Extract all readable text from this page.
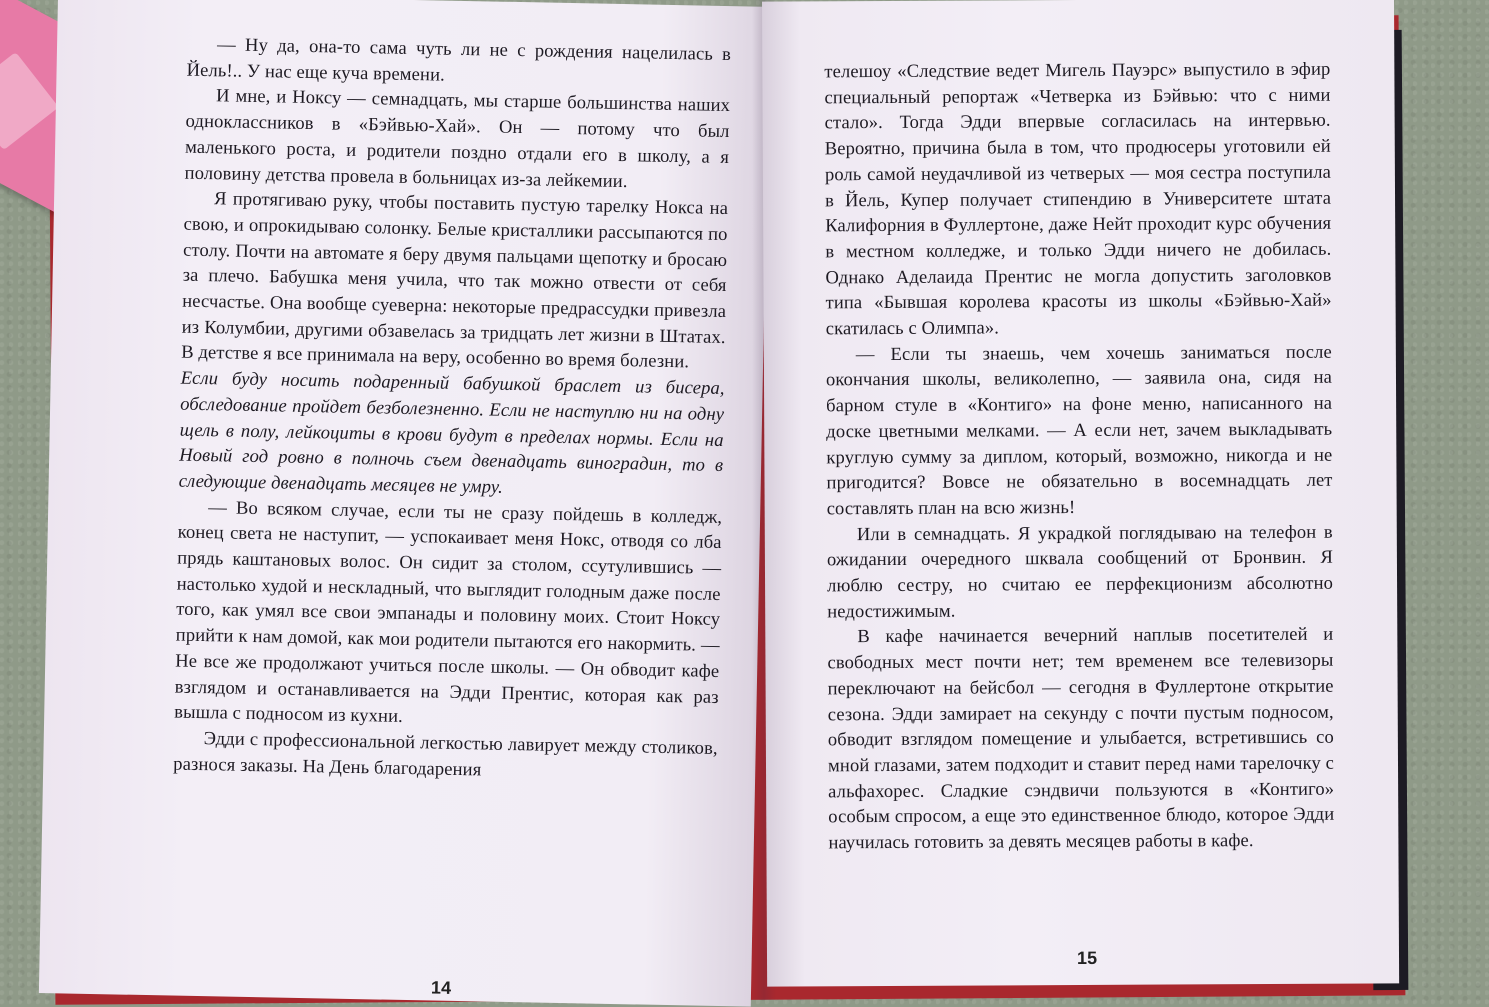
— Ну да, она-то сама чуть ли не с рождения нацелилась в Йель!.. У нас еще куча времени.

И мне, и Ноксу — семнадцать, мы старше большинства наших одноклассников в «Бэйвью-Хай». Он — потому что был маленького роста, и родители поздно отдали его в школу, а я половину детства провела в больницах из-за лейкемии.

Я протягиваю руку, чтобы поставить пустую тарелку Нокса на свою, и опрокидываю солонку. Белые кристаллики рассыпаются по столу. Почти на автомате я беру двумя пальцами щепотку и бросаю за плечо. Бабушка меня учила, что так можно отвести от себя несчастье. Она вообще суеверна: некоторые предрассудки привезла из Колумбии, другими обзавелась за тридцать лет жизни в Штатах. В детстве я все принимала на веру, особенно во время болезни.

Если буду носить подаренный бабушкой браслет из бисера, обследование пройдет безболезненно. Если не наступлю ни на одну щель в полу, лейкоциты в крови будут в пределах нормы. Если на Новый год ровно в полночь съем двенадцать виноградин, то в следующие двенадцать месяцев не умру.

— Во всяком случае, если ты не сразу пойдешь в колледж, конец света не наступит, — успокаивает меня Нокс, отводя со лба прядь каштановых волос. Он сидит за столом, ссутулившись — настолько худой и нескладный, что выглядит голодным даже после того, как умял все свои эмпанады и половину моих. Стоит Ноксу прийти к нам домой, как мои родители пытаются его накормить. — Не все же продолжают учиться после школы. — Он обводит кафе взглядом и останавливается на Эдди Прентис, которая как раз вышла с подносом из кухни.

Эдди с профессиональной легкостью лавирует между столиков, разнося заказы. На День благодарения

14

телешоу «Следствие ведет Мигель Пауэрс» выпустило в эфир специальный репортаж «Четверка из Бэйвью: что с ними стало». Тогда Эдди впервые согласилась на интервью. Вероятно, причина была в том, что продюсеры уготовили ей роль самой неудачливой из четверых — моя сестра поступила в Йель, Купер получает стипендию в Университете штата Калифорния в Фуллертоне, даже Нейт проходит курс обучения в местном колледже, и только Эдди ничего не добилась. Однако Аделаида Прентис не могла допустить заголовков типа «Бывшая королева красоты из школы «Бэйвью-Хай» скатилась с Олимпа».

— Если ты знаешь, чем хочешь заниматься после окончания школы, великолепно, — заявила она, сидя на барном стуле в «Контиго» на фоне меню, написанного на доске цветными мелками. — А если нет, зачем выкладывать круглую сумму за диплом, который, возможно, никогда и не пригодится? Вовсе не обязательно в восемнадцать лет составлять план на всю жизнь!

Или в семнадцать. Я украдкой поглядываю на телефон в ожидании очередного шквала сообщений от Бронвин. Я люблю сестру, но считаю ее перфекционизм абсолютно недостижимым.

В кафе начинается вечерний наплыв посетителей и свободных мест почти нет; тем временем все телевизоры переключают на бейсбол — сегодня в Фуллертоне открытие сезона. Эдди замирает на секунду с почти пустым подносом, обводит взглядом помещение и улыбается, встретившись со мной глазами, затем подходит и ставит перед нами тарелочку с альфахорес. Сладкие сэндвичи пользуются в «Контиго» особым спросом, а еще это единственное блюдо, которое Эдди научилась готовить за девять месяцев работы в кафе.

15
